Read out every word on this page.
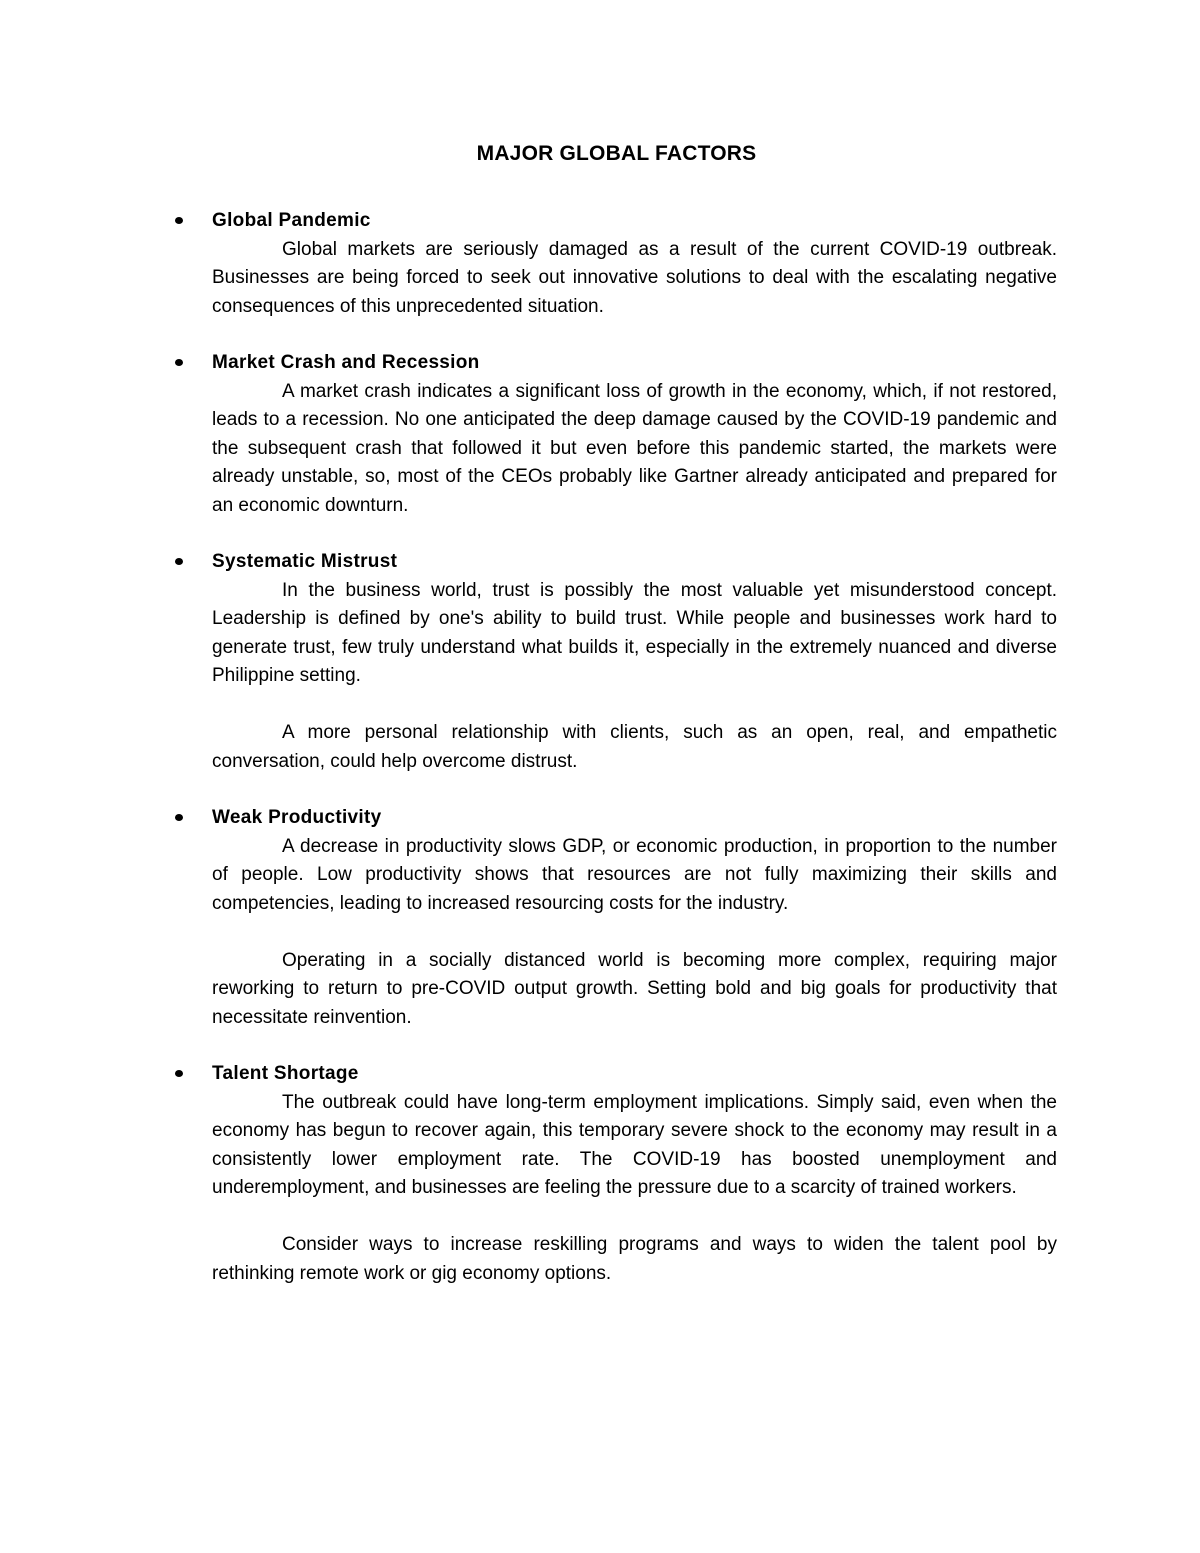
MAJOR GLOBAL FACTORS
Global Pandemic

Global markets are seriously damaged as a result of the current COVID-19 outbreak. Businesses are being forced to seek out innovative solutions to deal with the escalating negative consequences of this unprecedented situation.

Market Crash and Recession

A market crash indicates a significant loss of growth in the economy, which, if not restored, leads to a recession. No one anticipated the deep damage caused by the COVID-19 pandemic and the subsequent crash that followed it but even before this pandemic started, the markets were already unstable, so, most of the CEOs probably like Gartner already anticipated and prepared for an economic downturn.

Systematic Mistrust

In the business world, trust is possibly the most valuable yet misunderstood concept. Leadership is defined by one's ability to build trust. While people and businesses work hard to generate trust, few truly understand what builds it, especially in the extremely nuanced and diverse Philippine setting.

A more personal relationship with clients, such as an open, real, and empathetic conversation, could help overcome distrust.

Weak Productivity

A decrease in productivity slows GDP, or economic production, in proportion to the number of people. Low productivity shows that resources are not fully maximizing their skills and competencies, leading to increased resourcing costs for the industry.

Operating in a socially distanced world is becoming more complex, requiring major reworking to return to pre-COVID output growth. Setting bold and big goals for productivity that necessitate reinvention.

Talent Shortage

The outbreak could have long-term employment implications. Simply said, even when the economy has begun to recover again, this temporary severe shock to the economy may result in a consistently lower employment rate. The COVID-19 has boosted unemployment and underemployment, and businesses are feeling the pressure due to a scarcity of trained workers.

Consider ways to increase reskilling programs and ways to widen the talent pool by rethinking remote work or gig economy options.
